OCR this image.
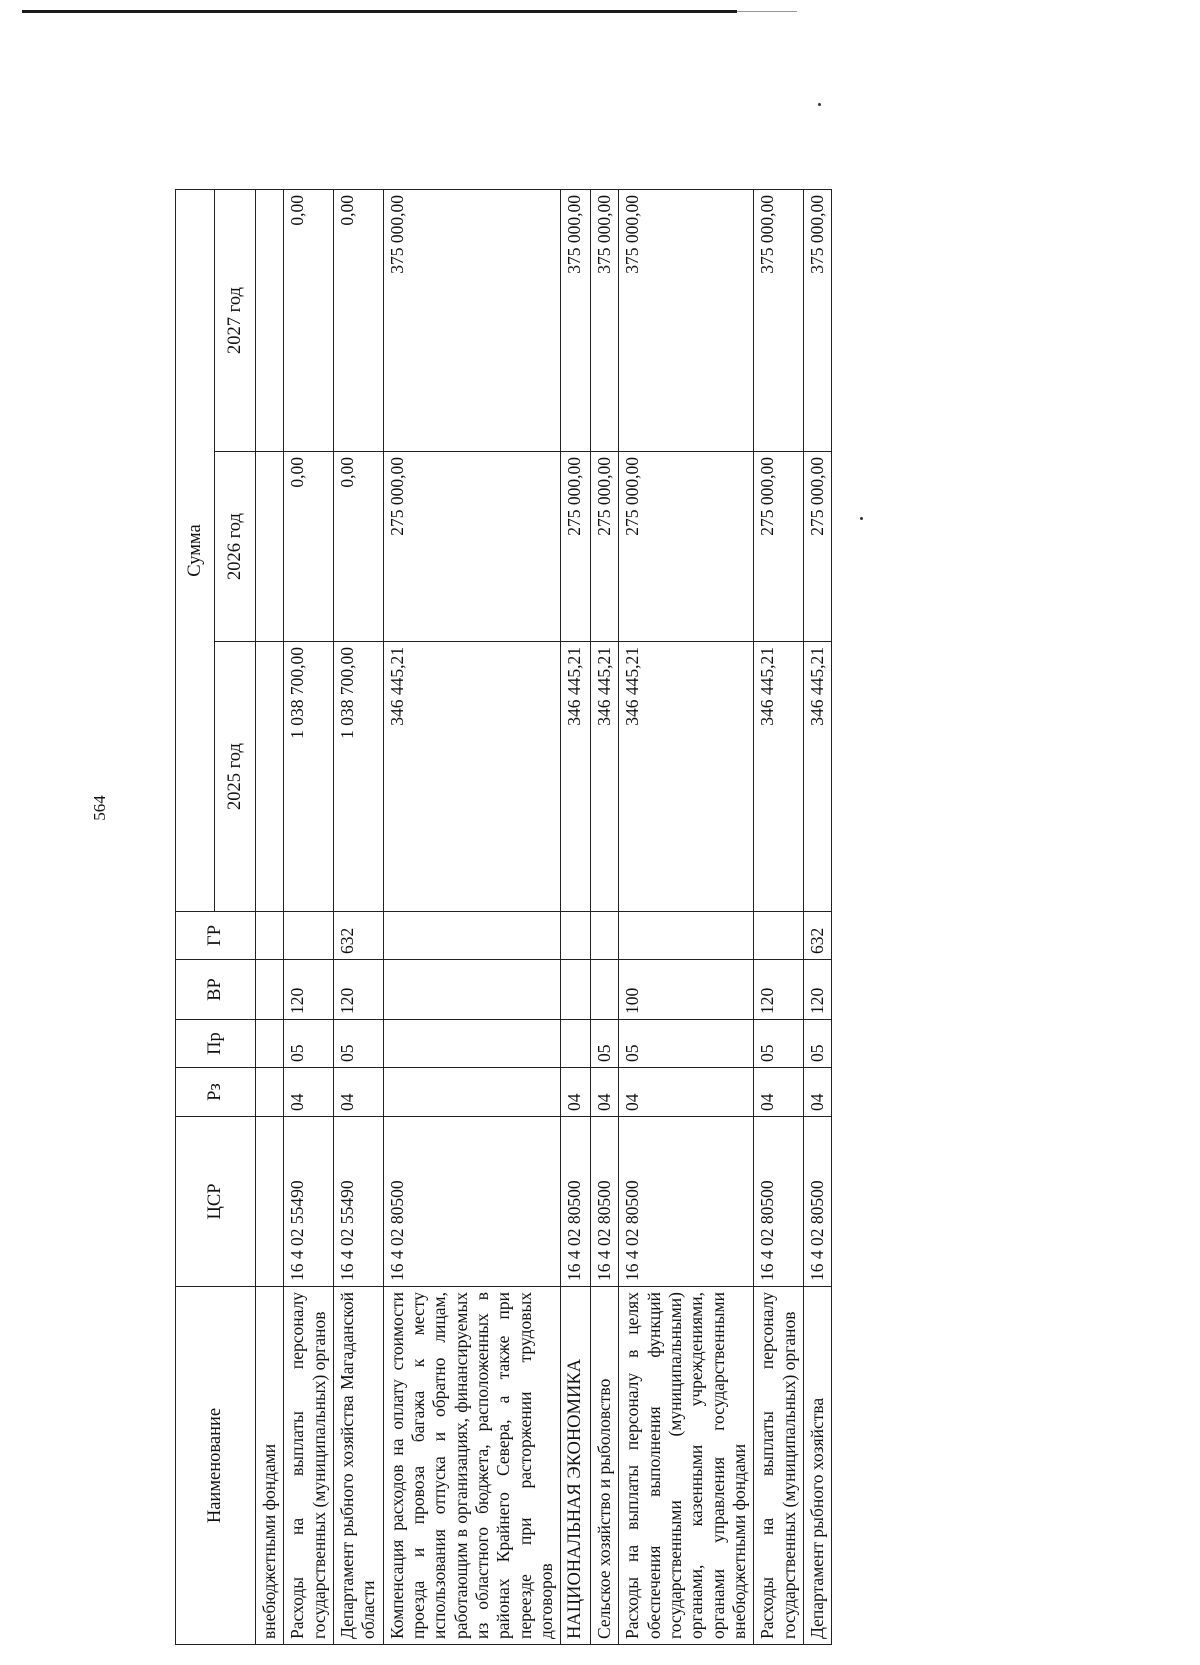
564
Наименование	ЦСР	Рз	Пр	ВР	ГР	Сумма		
						2025 год	2026 год	2027 год
внебюджетными фондами								
Расходы на выплаты персоналу государственных (муниципальных) органов	16 4 02 55490	04	05	120		1 038 700,00	0,00	0,00
Департамент рыбного хозяйства Магаданской области	16 4 02 55490	04	05	120	632	1 038 700,00	0,00	0,00
Компенсация расходов на оплату стоимости проезда и провоза багажа к месту использования отпуска и обратно лицам, работающим в организациях, финансируемых из областного бюджета, расположенных в районах Крайнего Севера, а также при переезде при расторжении трудовых договоров	16 4 02 80500					346 445,21	275 000,00	375 000,00
НАЦИОНАЛЬНАЯ ЭКОНОМИКА	16 4 02 80500	04				346 445,21	275 000,00	375 000,00
Сельское хозяйство и рыболовство	16 4 02 80500	04	05			346 445,21	275 000,00	375 000,00
Расходы на выплаты персоналу в целях обеспечения выполнения функций государственными (муниципальными) органами, казенными учреждениями, органами управления государственными внебюджетными фондами	16 4 02 80500	04	05	100		346 445,21	275 000,00	375 000,00
Расходы на выплаты персоналу государственных (муниципальных) органов	16 4 02 80500	04	05	120		346 445,21	275 000,00	375 000,00
Департамент рыбного хозяйства	16 4 02 80500	04	05	120	632	346 445,21	275 000,00	375 000,00
